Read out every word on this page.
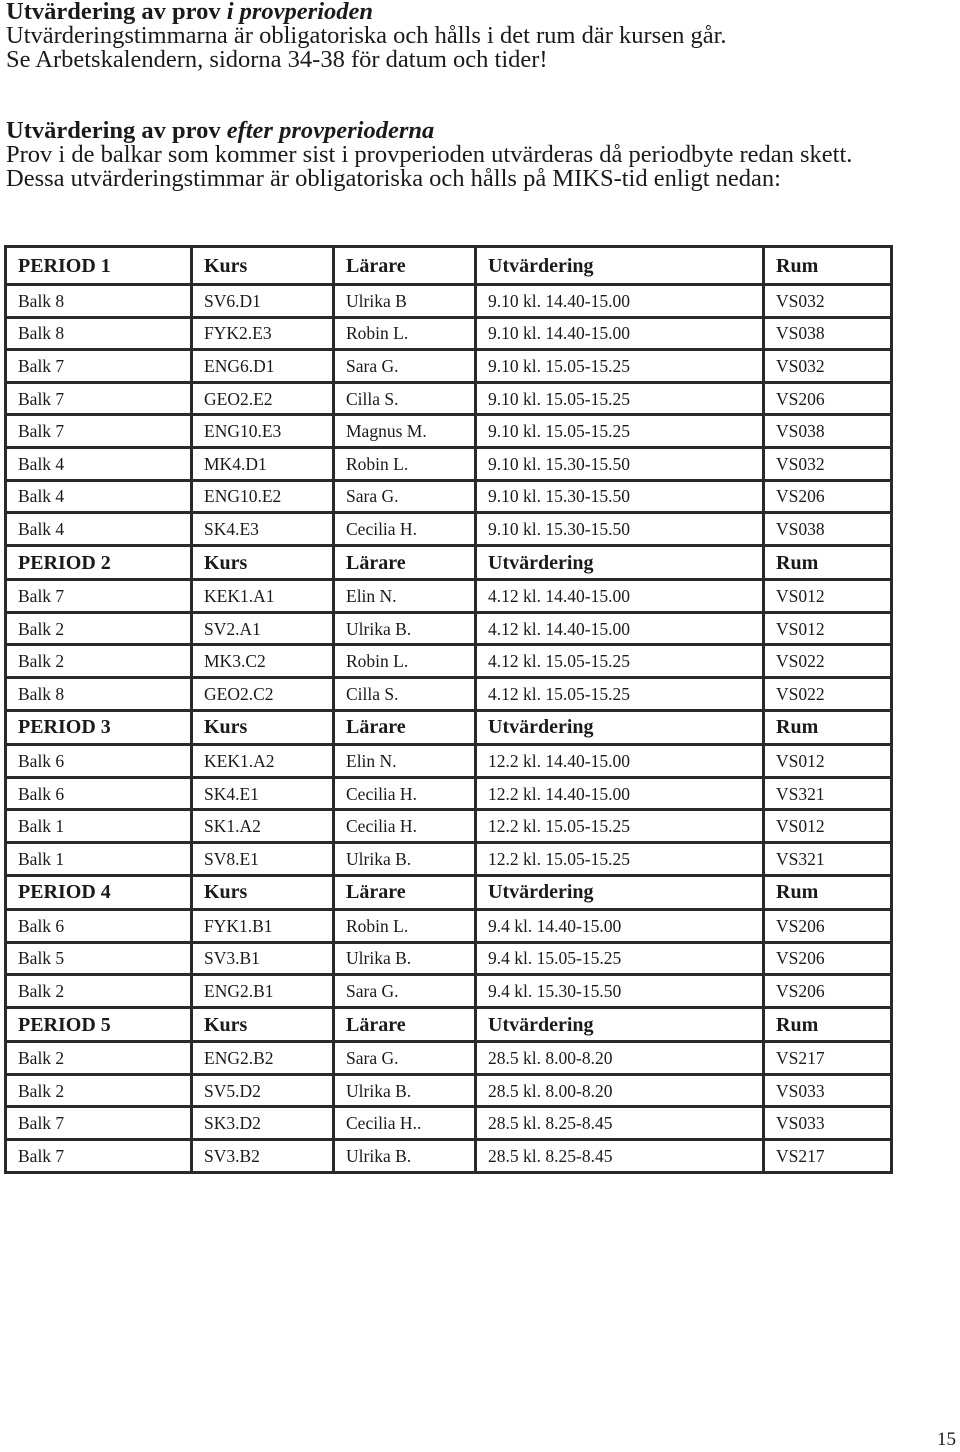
Utvärdering av prov i provperioden

Utvärderingstimmarna är obligatoriska och hålls i det rum där kursen går.

Se Arbetskalendern, sidorna 34-38 för datum och tider!

Utvärdering av prov efter provperioderna

Prov i de balkar som kommer sist i provperioden utvärderas då periodbyte redan skett.

Dessa utvärderingstimmar är obligatoriska och hålls på MIKS-tid enligt nedan:

PERIOD 1	Kurs	Lärare	Utvärdering	Rum
Balk 8	SV6.D1	Ulrika B	9.10 kl. 14.40-15.00	VS032
Balk 8	FYK2.E3	Robin L.	9.10 kl. 14.40-15.00	VS038
Balk 7	ENG6.D1	Sara G.	9.10 kl. 15.05-15.25	VS032
Balk 7	GEO2.E2	Cilla S.	9.10 kl. 15.05-15.25	VS206
Balk 7	ENG10.E3	Magnus M.	9.10 kl. 15.05-15.25	VS038
Balk 4	MK4.D1	Robin L.	9.10 kl. 15.30-15.50	VS032
Balk 4	ENG10.E2	Sara G.	9.10 kl. 15.30-15.50	VS206
Balk 4	SK4.E3	Cecilia H.	9.10 kl. 15.30-15.50	VS038
PERIOD 2	Kurs	Lärare	Utvärdering	Rum
Balk 7	KEK1.A1	Elin N.	4.12 kl. 14.40-15.00	VS012
Balk 2	SV2.A1	Ulrika B.	4.12 kl. 14.40-15.00	VS012
Balk 2	MK3.C2	Robin L.	4.12 kl. 15.05-15.25	VS022
Balk 8	GEO2.C2	Cilla S.	4.12 kl. 15.05-15.25	VS022
PERIOD 3	Kurs	Lärare	Utvärdering	Rum
Balk 6	KEK1.A2	Elin N.	12.2 kl. 14.40-15.00	VS012
Balk 6	SK4.E1	Cecilia H.	12.2 kl. 14.40-15.00	VS321
Balk 1	SK1.A2	Cecilia H.	12.2 kl. 15.05-15.25	VS012
Balk 1	SV8.E1	Ulrika B.	12.2 kl. 15.05-15.25	VS321
PERIOD 4	Kurs	Lärare	Utvärdering	Rum
Balk 6	FYK1.B1	Robin L.	9.4 kl. 14.40-15.00	VS206
Balk 5	SV3.B1	Ulrika B.	9.4 kl. 15.05-15.25	VS206
Balk 2	ENG2.B1	Sara G.	9.4 kl. 15.30-15.50	VS206
PERIOD 5	Kurs	Lärare	Utvärdering	Rum
Balk 2	ENG2.B2	Sara G.	28.5 kl. 8.00-8.20	VS217
Balk 2	SV5.D2	Ulrika B.	28.5 kl. 8.00-8.20	VS033
Balk 7	SK3.D2	Cecilia H..	28.5 kl. 8.25-8.45	VS033
Balk 7	SV3.B2	Ulrika B.	28.5 kl. 8.25-8.45	VS217
15
